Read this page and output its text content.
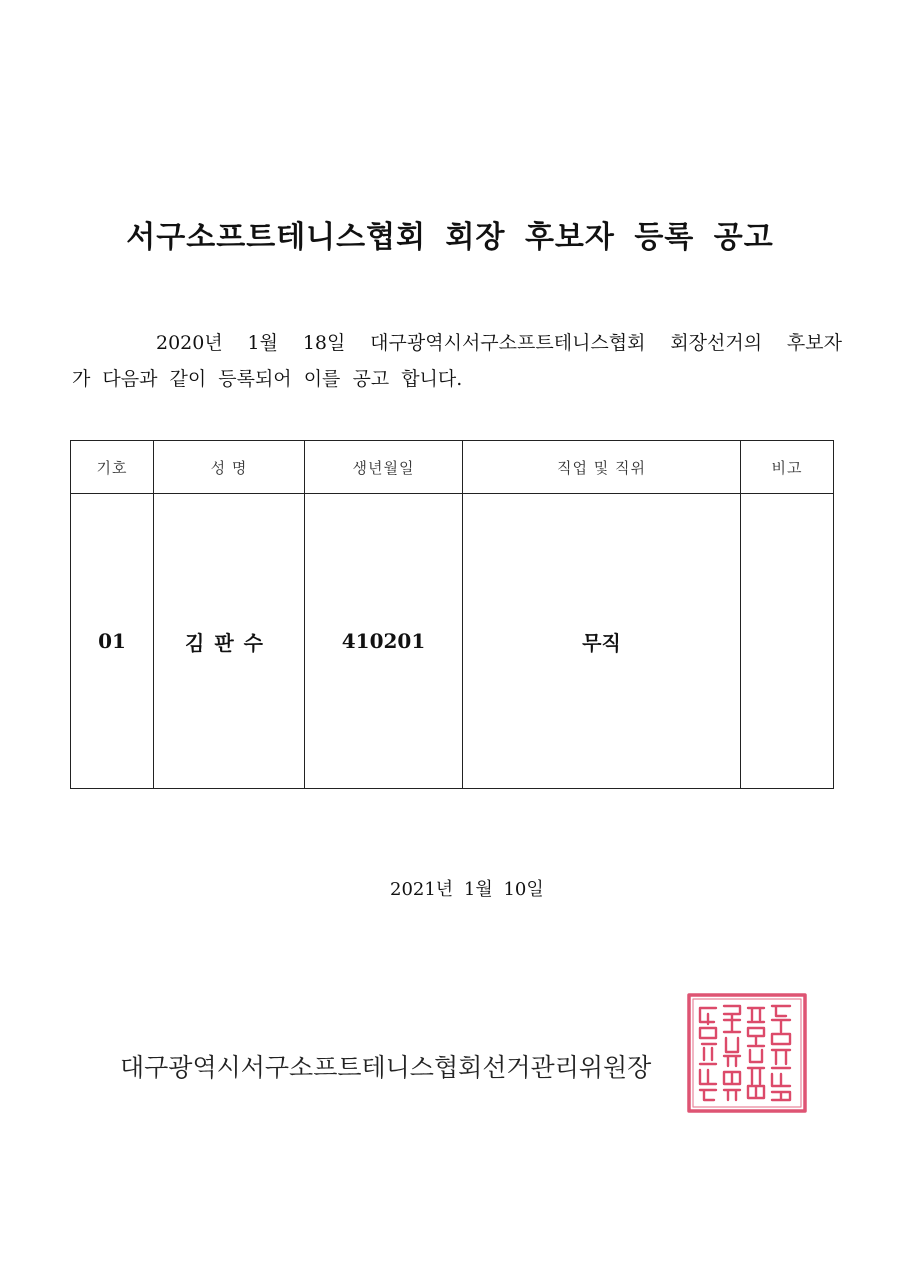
서구소프트테니스협회 회장 후보자 등록 공고
2020년 1월 18일 대구광역시서구소프트테니스협회 회장선거의 후보자
가 다음과 같이 등록되어 이를 공고 합니다.
기호	성 명	생년월일	직업 및 직위	비고
01	김판수	410201	무직	
2021년 1월 10일
대구광역시서구소프트테니스협회선거관리위원장
